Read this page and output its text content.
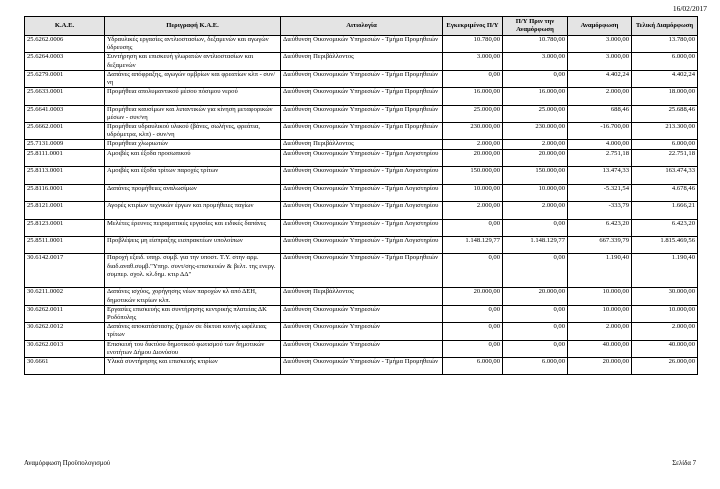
16/02/2017
Κ.Α.Ε.	Περιγραφή Κ.Α.Ε.	Αιτιολογία	Εγκεκριμένος Π/Υ	Π/Υ Πριν την Αναμόρφωση	Αναμόρφωση	Τελική Διαμόρφωση
25.6262.0006	Υδραυλικές εργασίες αντλιοστασίων, δεξαμενών και αγωγών ύδρευσης	Διεύθυνση Οικονομικών Υπηρεσιών - Τμήμα Προμηθειών	10.780,00	10.780,00	3.000,00	13.780,00
25.6264.0003	Συντήρηση και επισκευή γλωρατών αντλιοστασίων και δεξαμενών	Διεύθυνση Περιβάλλοντος	3.000,00	3.000,00	3.000,00	6.000,00
25.6279.0001	Δαπάνες απόφραξης, αγωγών ομβρίων και φρεατίων κλπ - συν/νη	Διεύθυνση Οικονομικών Υπηρεσιών - Τμήμα Προμηθειών	0,00	0,00	4.402,24	4.402,24
25.6633.0001	Προμήθεια απολυμαντικού μέσου πόσιμου νερού	Διεύθυνση Οικονομικών Υπηρεσιών - Τμήμα Προμηθειών	16.000,00	16.000,00	2.000,00	18.000,00
25.6641.0003	Προμήθεια καυσίμων και λιπαντικών για κίνηση μεταφορικών μέσων - συν/νη	Διεύθυνση Οικονομικών Υπηρεσιών - Τμήμα Προμηθειών	25.000,00	25.000,00	688,46	25.688,46
25.6662.0001	Προμήθεια υδραυλικού υλικού (βάνες, σωλήνες, φρεάτια, υδρόμετρα, κλπ) - συν/νη	Διεύθυνση Οικονομικών Υπηρεσιών - Τμήμα Προμηθειών	230.000,00	230.000,00	-16.700,00	213.300,00
25.7131.0009	Προμήθεια χλωριωτών	Διεύθυνση Περιβάλλοντος	2.000,00	2.000,00	4.000,00	6.000,00
25.8111.0001	Αμοιβές και έξοδα προσωπικού	Διεύθυνση Οικονομικών Υπηρεσιών - Τμήμα Λογιστηρίου	20.000,00	20.000,00	2.751,18	22.751,18
25.8113.0001	Αμοιβές και έξοδα τρίτων παροχές τρίτων	Διεύθυνση Οικονομικών Υπηρεσιών - Τμήμα Λογιστηρίου	150.000,00	150.000,00	13.474,33	163.474,33
25.8116.0001	Δαπάνες προμήθειες αναλωσίμων	Διεύθυνση Οικονομικών Υπηρεσιών - Τμήμα Λογιστηρίου	10.000,00	10.000,00	-5.321,54	4.678,46
25.8121.0001	Αγορές κτιρίων τεχνικών έργων και προμήθειες παγίων	Διεύθυνση Οικονομικών Υπηρεσιών - Τμήμα Λογιστηρίου	2.000,00	2.000,00	-333,79	1.666,21
25.8123.0001	Μελέτες έρευνες πειραματικές εργασίες και ειδικές δαπάνες	Διεύθυνση Οικονομικών Υπηρεσιών - Τμήμα Λογιστηρίου	0,00	0,00	6.423,20	6.423,20
25.8511.0001	Προβλέψεις μη είσπραξης εισπρακτέων υπολοίπων	Διεύθυνση Οικονομικών Υπηρεσιών - Τμήμα Λογιστηρίου	1.148.129,77	1.148.129,77	667.339,79	1.815.469,56
30.6142.0017	Παροχή εξειδ. υπηρ. συμβ. για την υποστ. Τ.Υ. στην αρμ. διαδ.αναθ.συμβ."Υπηρ. συντ/σης-επισκευών & βελτ. της ενεργ. συμπερ. σχολ. κλ.δημ. κτιρ ΔΔ"	Διεύθυνση Οικονομικών Υπηρεσιών - Τμήμα Προμηθειών	0,00	0,00	1.190,40	1.190,40
30.6211.0002	Δαπάνες ισχύος, χορήγησης νέων παροχών κλ από ΔΕΗ, δημοτικών κτιρίων κλπ.	Διεύθυνση Περιβάλλοντος	20.000,00	20.000,00	10.000,00	30.000,00
30.6262.0011	Εργασίες επισκευής και συντήρησης κεντρικής πλατείας ΔΚ Ροδόπολης	Διεύθυνση Οικονομικών Υπηρεσιών	0,00	0,00	10.000,00	10.000,00
30.6262.0012	Δαπάνες αποκατάστασης ζημιών σε δίκτυα κοινής ωφέλειας τρίτων	Διεύθυνση Οικονομικών Υπηρεσιών	0,00	0,00	2.000,00	2.000,00
30.6262.0013	Επισκευή του δικτύου δημοτικού φωτισμού των δημοτικών ενοτήτων Δήμου Διονύσου	Διεύθυνση Οικονομικών Υπηρεσιών	0,00	0,00	40.000,00	40.000,00
30.6661	Υλικά συντήρησης και επισκευής κτιρίων	Διεύθυνση Οικονομικών Υπηρεσιών - Τμήμα Προμηθειών	6.000,00	6.000,00	20.000,00	26.000,00
Αναμόρφωση Προϋπολογισμού	Σελίδα 7
